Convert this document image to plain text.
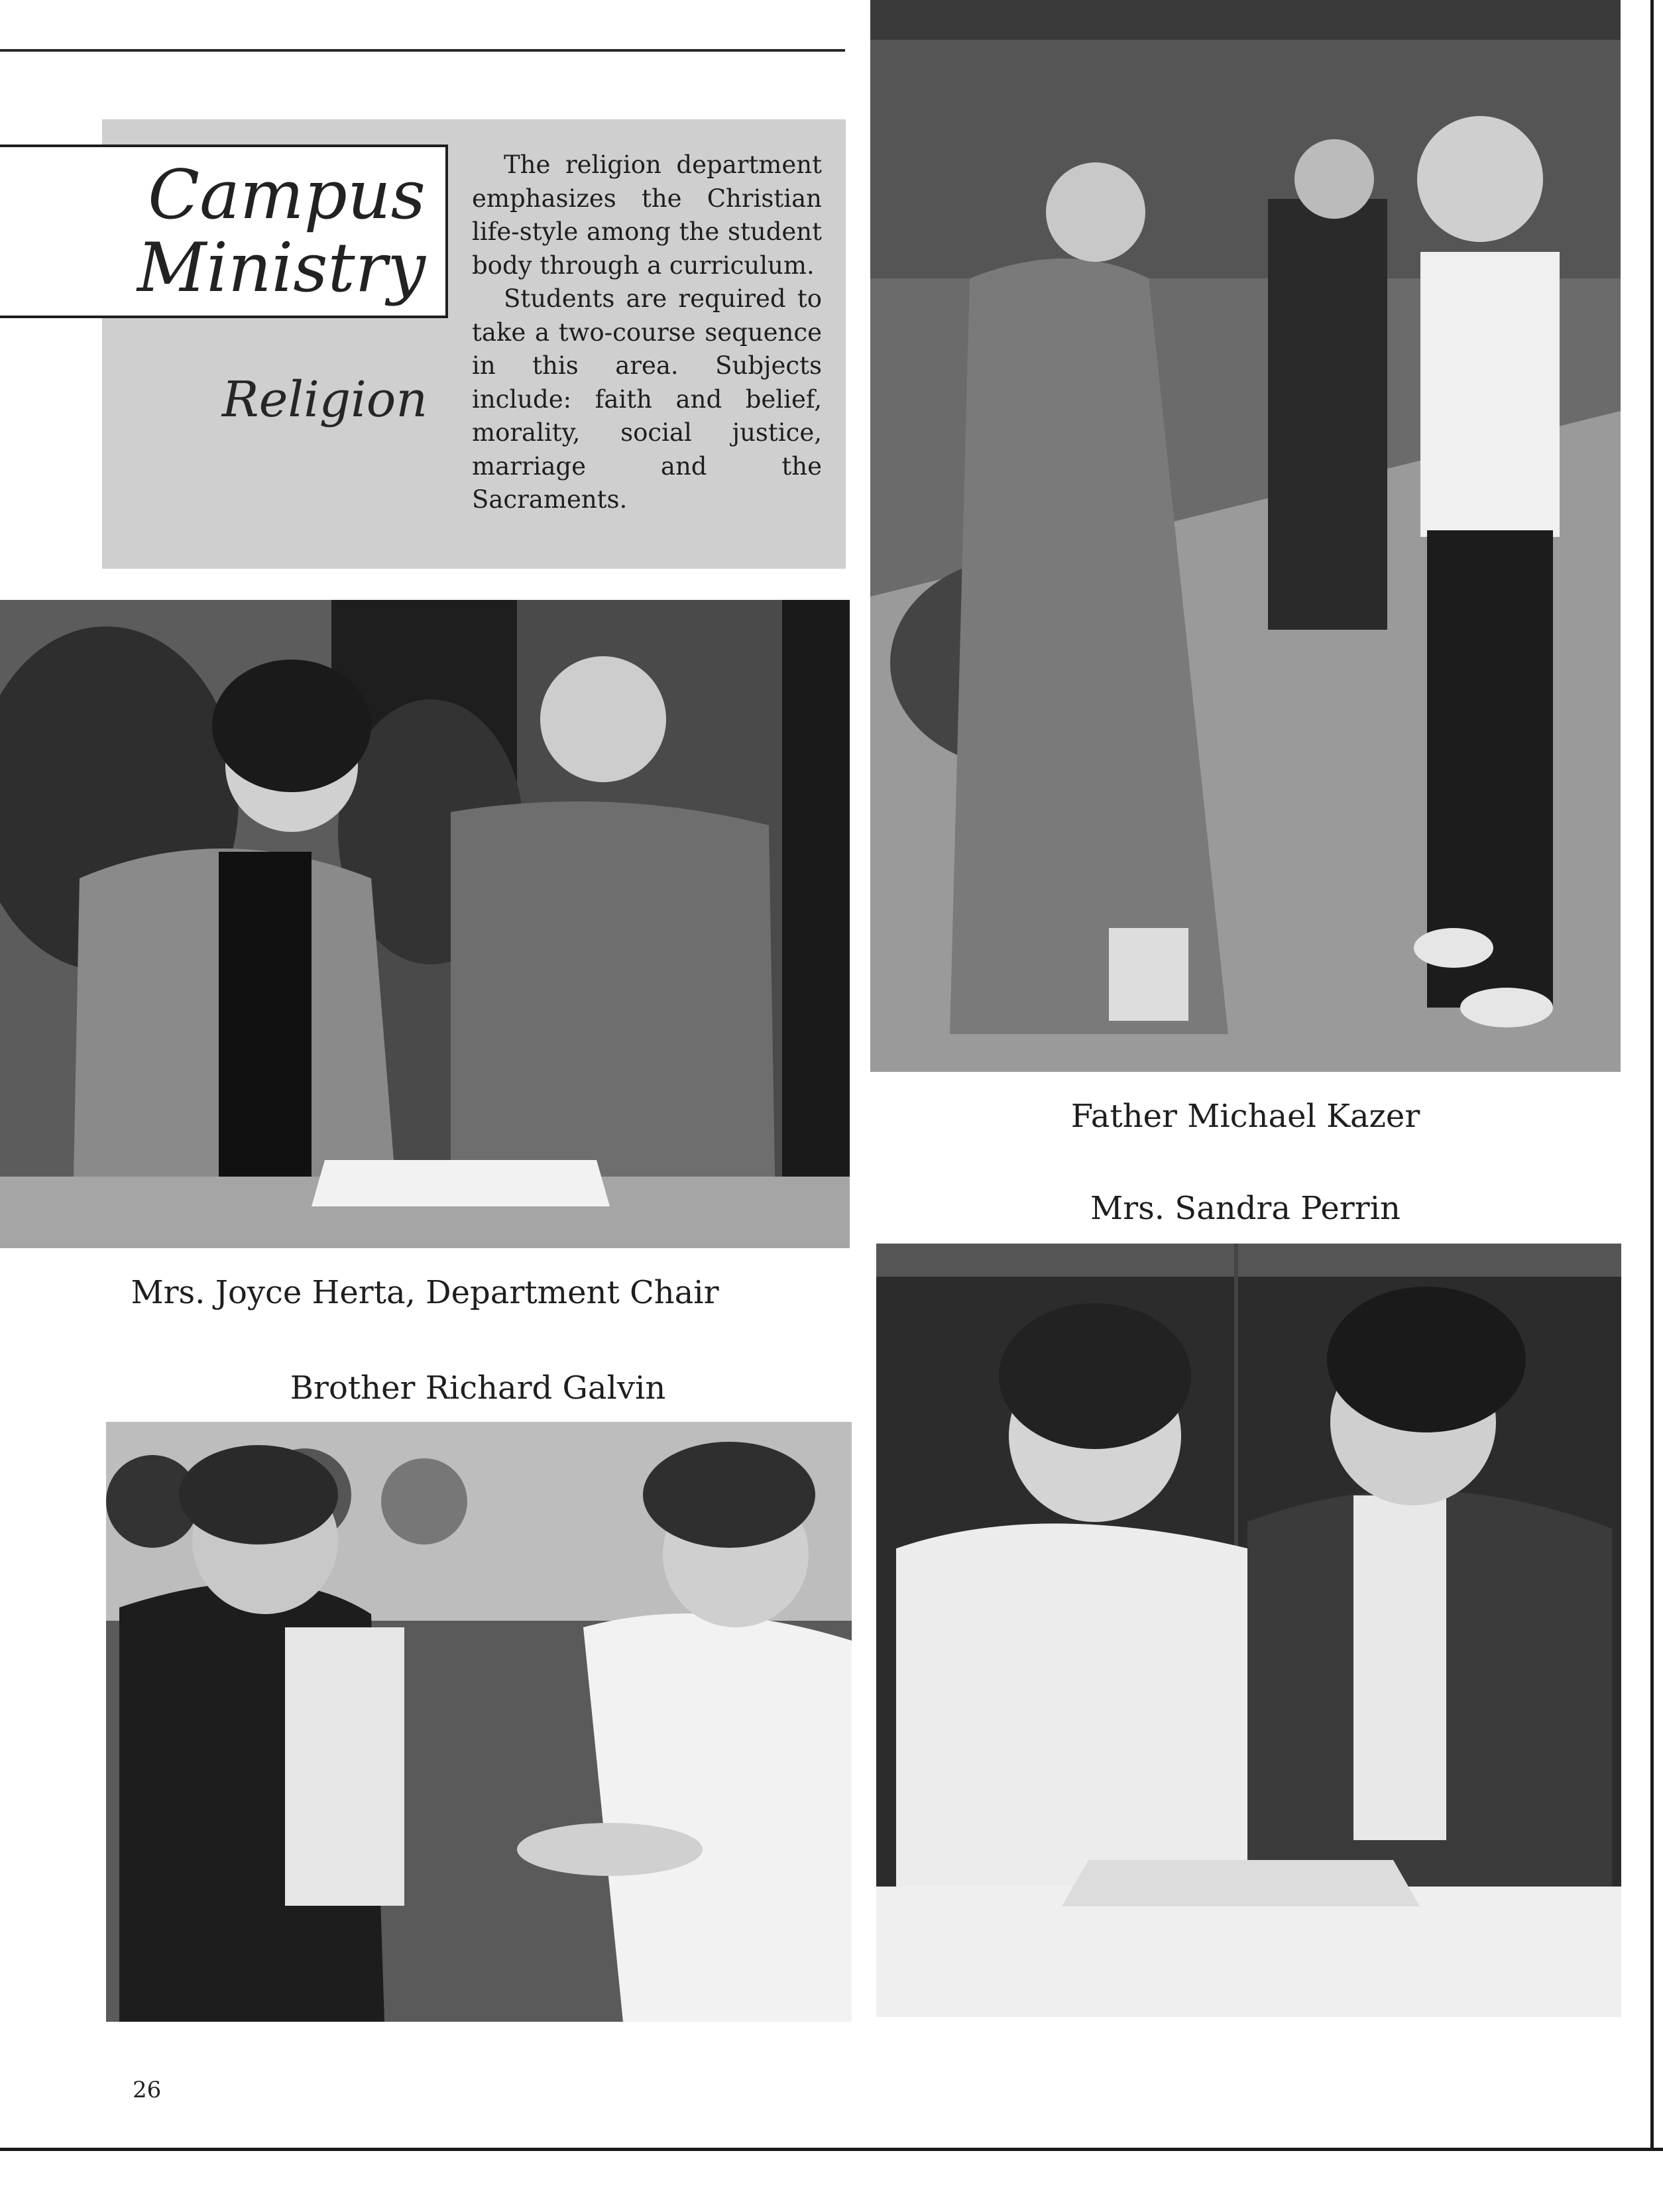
Campus
Ministry
Religion
The religion department emphasizes the Christian life-style among the student body through a curriculum.
Students are required to take a two-course sequence in this area. Subjects include: faith and belief, morality, social justice, marriage and the Sacraments.
Father Michael Kazer
Mrs. Sandra Perrin
Mrs. Joyce Herta, Department Chair
Brother Richard Galvin
26
